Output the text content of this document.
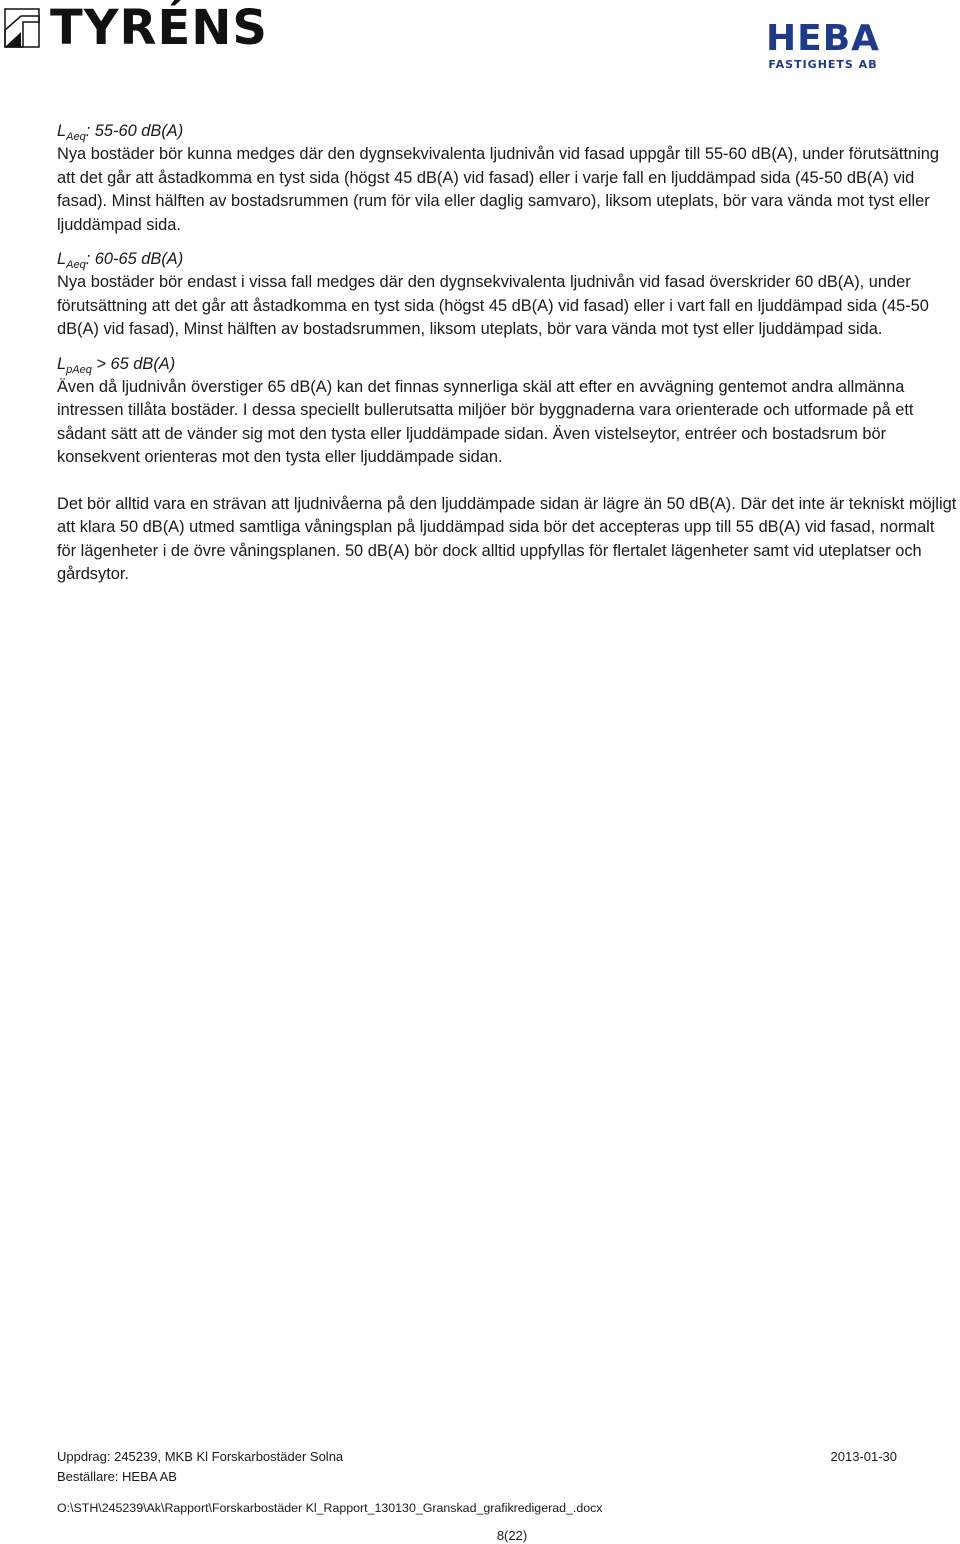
TYRÉNS	HEBA
FASTIGHETS AB

$L_{Aeq}$: 55-60 dB(A)

Nya bostäder bör kunna medges där den dygnsekvivalenta ljudnivån vid fasad uppgår till 55-60 dB(A), under förutsättning att det går att åstadkomma en tyst sida (högst 45 dB(A) vid fasad) eller i varje fall en ljuddämpad sida (45-50 dB(A) vid fasad). Minst hälften av bostadsrummen (rum för vila eller daglig samvaro), liksom uteplats, bör vara vända mot tyst eller ljuddämpad sida.

$L_{Aeq}$: 60-65 dB(A)

Nya bostäder bör endast i vissa fall medges där den dygnsekvivalenta ljudnivån vid fasad överskrider 60 dB(A), under förutsättning att det går att åstadkomma en tyst sida (högst 45 dB(A) vid fasad) eller i vart fall en ljuddämpad sida (45-50 dB(A) vid fasad), Minst hälften av bostadsrummen, liksom uteplats, bör vara vända mot tyst eller ljuddämpad sida.

$L_{pAeq} > 65$ dB(A)

Även då ljudnivån överstiger 65 dB(A) kan det finnas synnerliga skäl att efter en avvägning gentemot andra allmänna intressen tillåta bostäder. I dessa speciellt bullerutsatta miljöer bör byggnaderna vara orienterade och utformade på ett sådant sätt att de vänder sig mot den tysta eller ljuddämpade sidan. Även vistelseytor, entréer och bostadsrum bör konsekvent orienteras mot den tysta eller ljuddämpade sidan.

Det bör alltid vara en strävan att ljudnivåerna på den ljuddämpade sidan är lägre än 50 dB(A). Där det inte är tekniskt möjligt att klara 50 dB(A) utmed samtliga våningsplan på ljuddämpad sida bör det accepteras upp till 55 dB(A) vid fasad, normalt för lägenheter i de övre våningsplanen. 50 dB(A) bör dock alltid uppfyllas för flertalet lägenheter samt vid uteplatser och gårdsytor.

Uppdrag: 245239, MKB Kl Forskarbostäder Solna	2013-01-30
Beställare: HEBA AB
O:\STH\245239\Ak\Rapport\Forskarbostäder Kl_Rapport_130130_Granskad_grafikredigerad_.docx
8(22)
